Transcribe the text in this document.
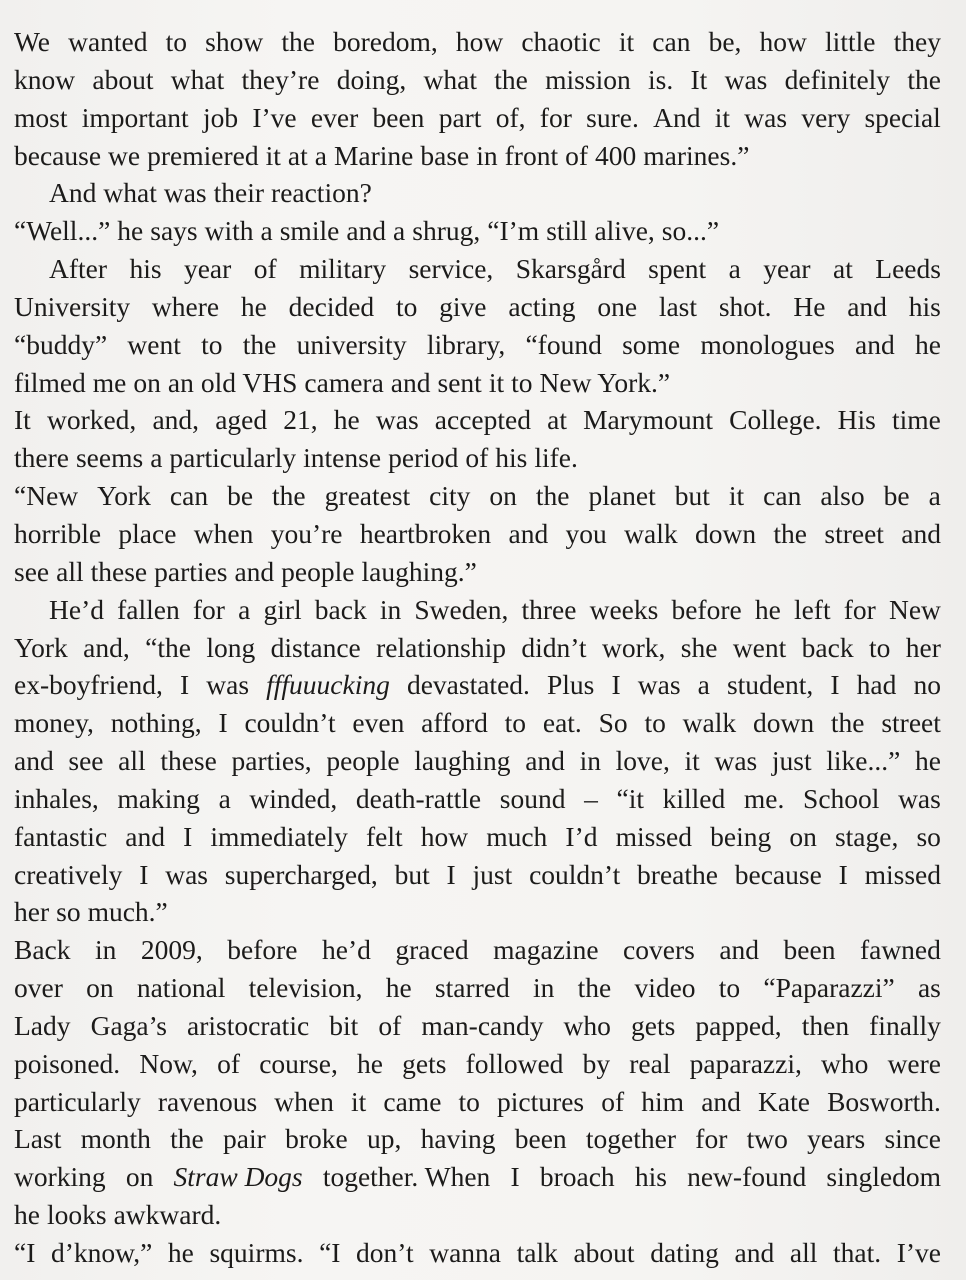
We wanted to show the boredom, how chaotic it can be, how little they
know about what they’re doing, what the mission is. It was definitely the
most important job I’ve ever been part of, for sure. And it was very special
because we premiered it at a Marine base in front of 400 marines.”
And what was their reaction?
“Well...” he says with a smile and a shrug, “I’m still alive, so...”
After his year of military service, Skarsgård spent a year at Leeds
University where he decided to give acting one last shot. He and his
“buddy” went to the university library, “found some monologues and he
filmed me on an old VHS camera and sent it to New York.”
It worked, and, aged 21, he was accepted at Marymount College. His time
there seems a particularly intense period of his life.
“New York can be the greatest city on the planet but it can also be a
horrible place when you’re heartbroken and you walk down the street and
see all these parties and people laughing.”
He’d fallen for a girl back in Sweden, three weeks before he left for New
York and, “the long distance relationship didn’t work, she went back to her
ex-boyfriend, I was fffuuucking devastated. Plus I was a student, I had no
money, nothing, I couldn’t even afford to eat. So to walk down the street
and see all these parties, people laughing and in love, it was just like...” he
inhales, making a winded, death-rattle sound – “it killed me. School was
fantastic and I immediately felt how much I’d missed being on stage, so
creatively I was supercharged, but I just couldn’t breathe because I missed
her so much.”
Back in 2009, before he’d graced magazine covers and been fawned
over on national television, he starred in the video to “Paparazzi” as
Lady Gaga’s aristocratic bit of man-candy who gets papped, then finally
poisoned. Now, of course, he gets followed by real paparazzi, who were
particularly ravenous when it came to pictures of him and Kate Bosworth.
Last month the pair broke up, having been together for two years since
working on Straw Dogs together. When I broach his new-found singledom
he looks awkward.
“I d’know,” he squirms. “I don’t wanna talk about dating and all that. I’ve
